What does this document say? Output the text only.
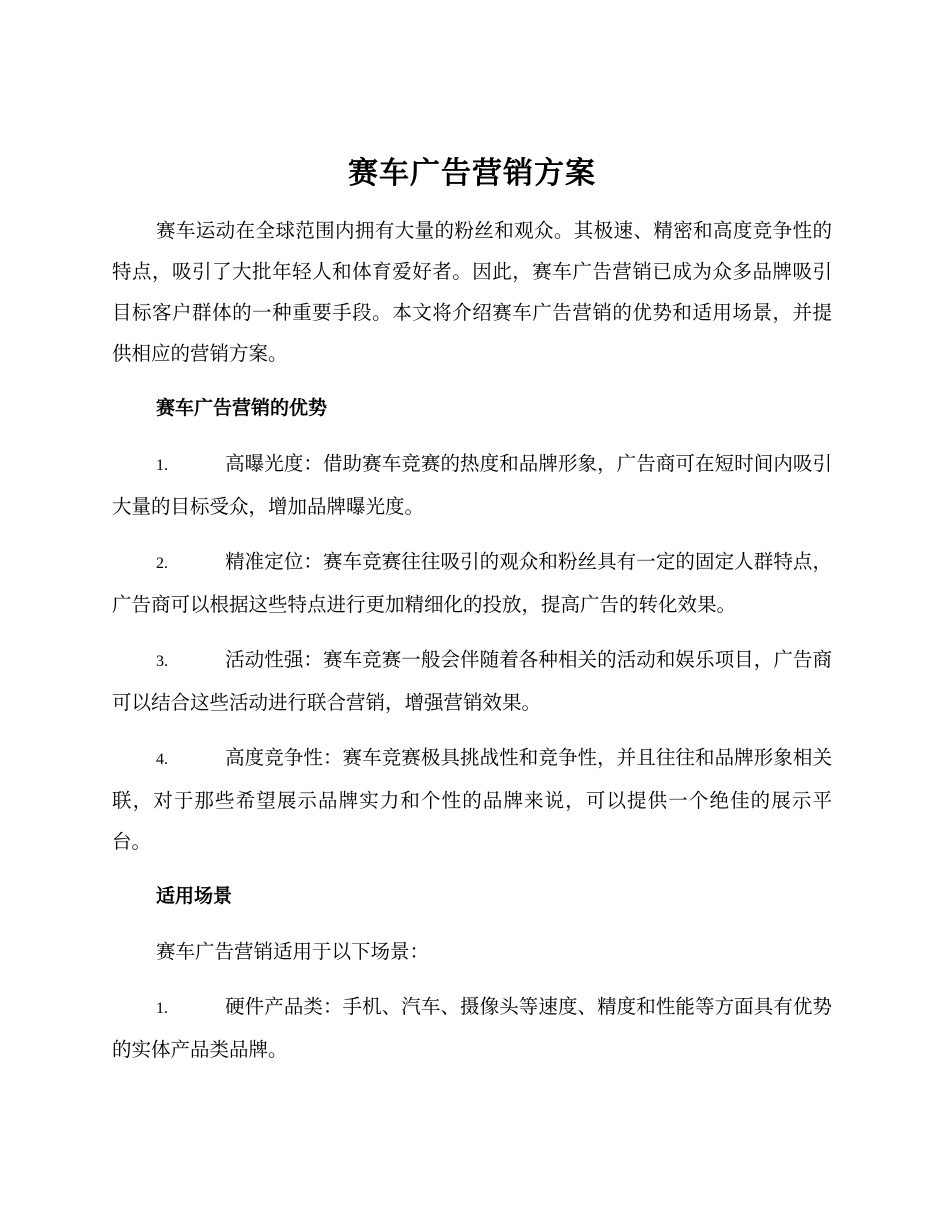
赛车广告营销方案

赛车运动在全球范围内拥有大量的粉丝和观众。其极速、精密和高度竞争性的特点，吸引了大批年轻人和体育爱好者。因此，赛车广告营销已成为众多品牌吸引目标客户群体的一种重要手段。本文将介绍赛车广告营销的优势和适用场景，并提供相应的营销方案。

赛车广告营销的优势

1.	高曝光度：借助赛车竞赛的热度和品牌形象，广告商可在短时间内吸引大量的目标受众，增加品牌曝光度。

2.	精准定位：赛车竞赛往往吸引的观众和粉丝具有一定的固定人群特点，广告商可以根据这些特点进行更加精细化的投放，提高广告的转化效果。

3.	活动性强：赛车竞赛一般会伴随着各种相关的活动和娱乐项目，广告商可以结合这些活动进行联合营销，增强营销效果。

4.	高度竞争性：赛车竞赛极具挑战性和竞争性，并且往往和品牌形象相关联，对于那些希望展示品牌实力和个性的品牌来说，可以提供一个绝佳的展示平台。

适用场景

赛车广告营销适用于以下场景：

1.	硬件产品类：手机、汽车、摄像头等速度、精度和性能等方面具有优势的实体产品类品牌。
